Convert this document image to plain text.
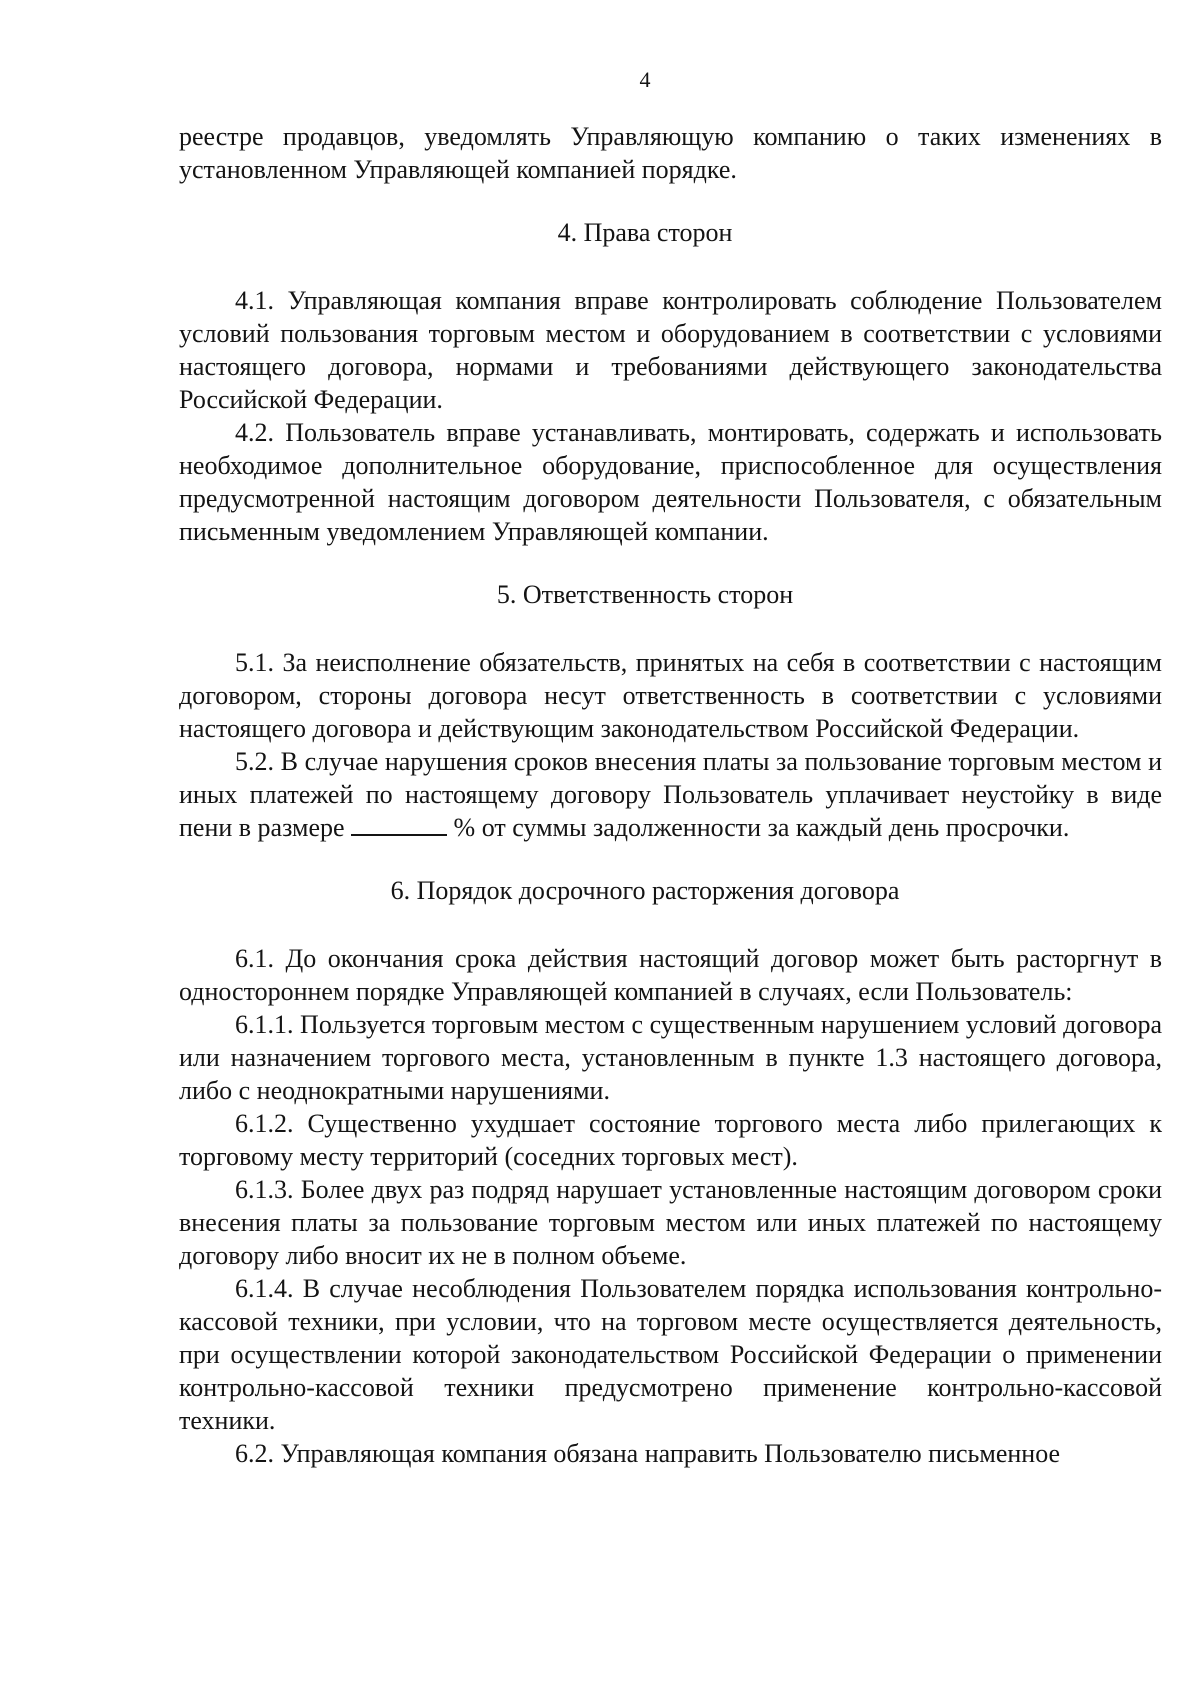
4

реестре продавцов, уведомлять Управляющую компанию о таких изменениях в установленном Управляющей компанией порядке.

4. Права сторон

4.1. Управляющая компания вправе контролировать соблюдение Пользователем условий пользования торговым местом и оборудованием в соответствии с условиями настоящего договора, нормами и требованиями действующего законодательства Российской Федерации.

4.2. Пользователь вправе устанавливать, монтировать, содержать и использовать необходимое дополнительное оборудование, приспособленное для осуществления предусмотренной настоящим договором деятельности Пользователя, с обязательным письменным уведомлением Управляющей компании.

5. Ответственность сторон

5.1. За неисполнение обязательств, принятых на себя в соответствии с настоящим договором, стороны договора несут ответственность в соответствии с условиями настоящего договора и действующим законодательством Российской Федерации.

5.2. В случае нарушения сроков внесения платы за пользование торговым местом и иных платежей по настоящему договору Пользователь уплачивает неустойку в виде пени в размере	% от суммы задолженности за каждый день просрочки.

6. Порядок досрочного расторжения договора

6.1. До окончания срока действия настоящий договор может быть расторгнут в одностороннем порядке Управляющей компанией в случаях, если Пользователь:

6.1.1. Пользуется торговым местом с существенным нарушением условий договора или назначением торгового места, установленным в пункте 1.3 настоящего договора, либо с неоднократными нарушениями.

6.1.2. Существенно ухудшает состояние торгового места либо прилегающих к торговому месту территорий (соседних торговых мест).

6.1.3. Более двух раз подряд нарушает установленные настоящим договором сроки внесения платы за пользование торговым местом или иных платежей по настоящему договору либо вносит их не в полном объеме.

6.1.4. В случае несоблюдения Пользователем порядка использования контрольно-кассовой техники, при условии, что на торговом месте осуществляется деятельность, при осуществлении которой законодательством Российской Федерации о применении контрольно-кассовой техники предусмотрено применение контрольно-кассовой техники.

6.2. Управляющая компания обязана направить Пользователю письменное
